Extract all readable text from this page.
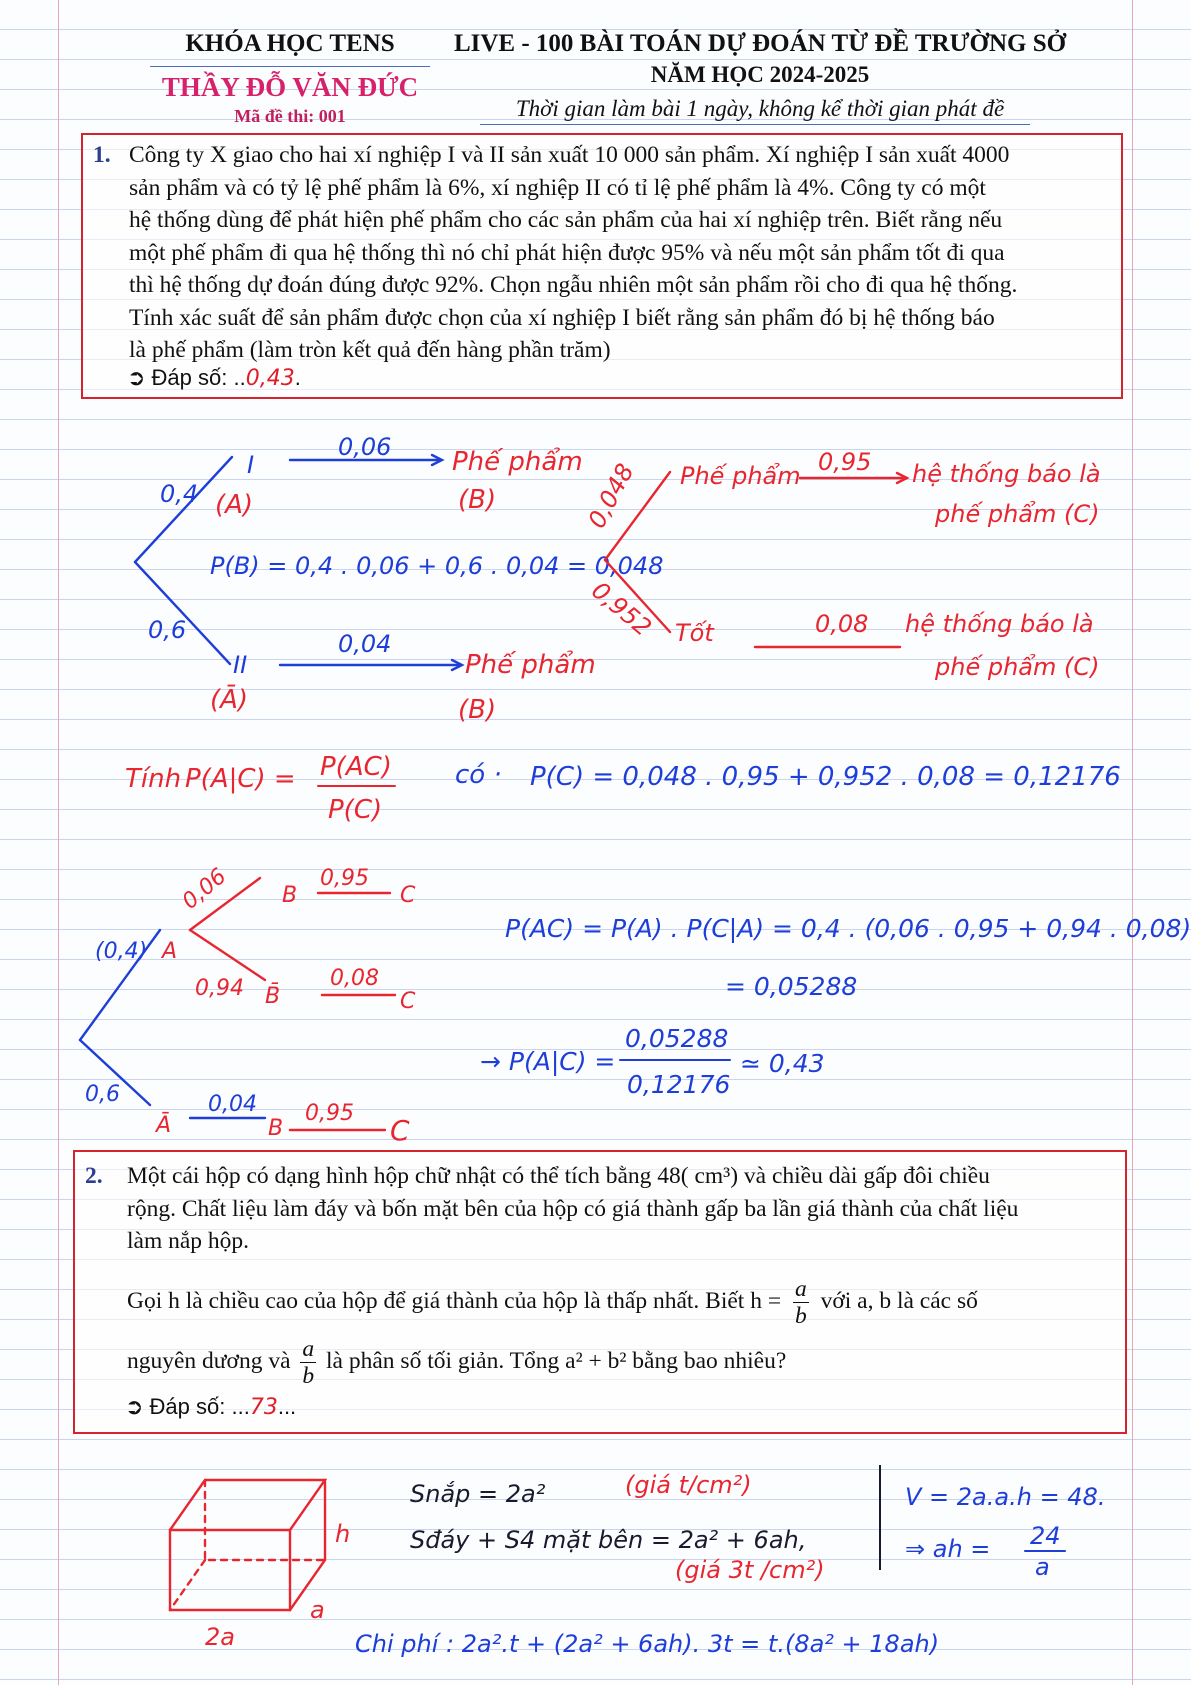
KHÓA HỌC TENS
THẦY ĐỖ VĂN ĐỨC
Mã đề thi: 001
LIVE - 100 BÀI TOÁN DỰ ĐOÁN TỪ ĐỀ TRƯỜNG SỞ
NĂM HỌC 2024-2025
Thời gian làm bài 1 ngày, không kể thời gian phát đề
1. Công ty X giao cho hai xí nghiệp I và II sản xuất 10 000 sản phẩm. Xí nghiệp I sản xuất 4000
sản phẩm và có tỷ lệ phế phẩm là 6%, xí nghiệp II có tỉ lệ phế phẩm là 4%. Công ty có một
hệ thống dùng để phát hiện phế phẩm cho các sản phẩm của hai xí nghiệp trên. Biết rằng nếu
một phế phẩm đi qua hệ thống thì nó chỉ phát hiện được 95% và nếu một sản phẩm tốt đi qua
thì hệ thống dự đoán đúng được 92%. Chọn ngẫu nhiên một sản phẩm rồi cho đi qua hệ thống.
Tính xác suất để sản phẩm được chọn của xí nghiệp I biết rằng sản phẩm đó bị hệ thống báo
là phế phẩm (làm tròn kết quả đến hàng phần trăm)
➲ Đáp số: ..0,43.
I
0,4
0,06
P(B) = 0,4 . 0,06 + 0,6 . 0,04 = 0,048
0,6
II
0,04
(A)
Phế phẩm
(B)
(Ā)
Phế phẩm
(B)
0,048 Phế phẩm 0,95 hệ thống báo là
phế phẩm (C)
0,952 Tốt	0,08 hệ thống báo là
phế phẩm (C)
Tính P(A|C) = P(AC)
P(C)
có · P(C) = 0,048 . 0,95 + 0,952 . 0,08 = 0,12176
(0,4)
0,6	0,04
A
0,06 B
0,95
C
0,94 B̄
0,08
C
Ā	B
0,95
C
P(AC) = P(A) . P(C|A) = 0,4 . (0,06 . 0,95 + 0,94 . 0,08)
= 0,05288
→ P(A|C) =
0,05288
0,12176
≃ 0,43
2. Một cái hộp có dạng hình hộp chữ nhật có thể tích bằng 48( cm³) và chiều dài gấp đôi chiều
rộng. Chất liệu làm đáy và bốn mặt bên của hộp có giá thành gấp ba lần giá thành của chất liệu
làm nắp hộp.
Gọi h là chiều cao của hộp để giá thành của hộp là thấp nhất. Biết $h = \frac{a}{b}$ với a, b là các số
nguyên dương và $\frac{a}{b}$ là phân số tối giản. Tổng a² + b² bằng bao nhiêu?
➲ Đáp số: ...73...
h
a
2a
(giá t/cm²)
(giá 3t /cm²)
Snắp = 2a²
Sđáy + S4 mặt bên = 2a² + 6ah,
V = 2a.a.h = 48.
⇒ ah = 24
a
Chi phí : 2a².t + (2a² + 6ah). 3t = t.(8a² + 18ah)
